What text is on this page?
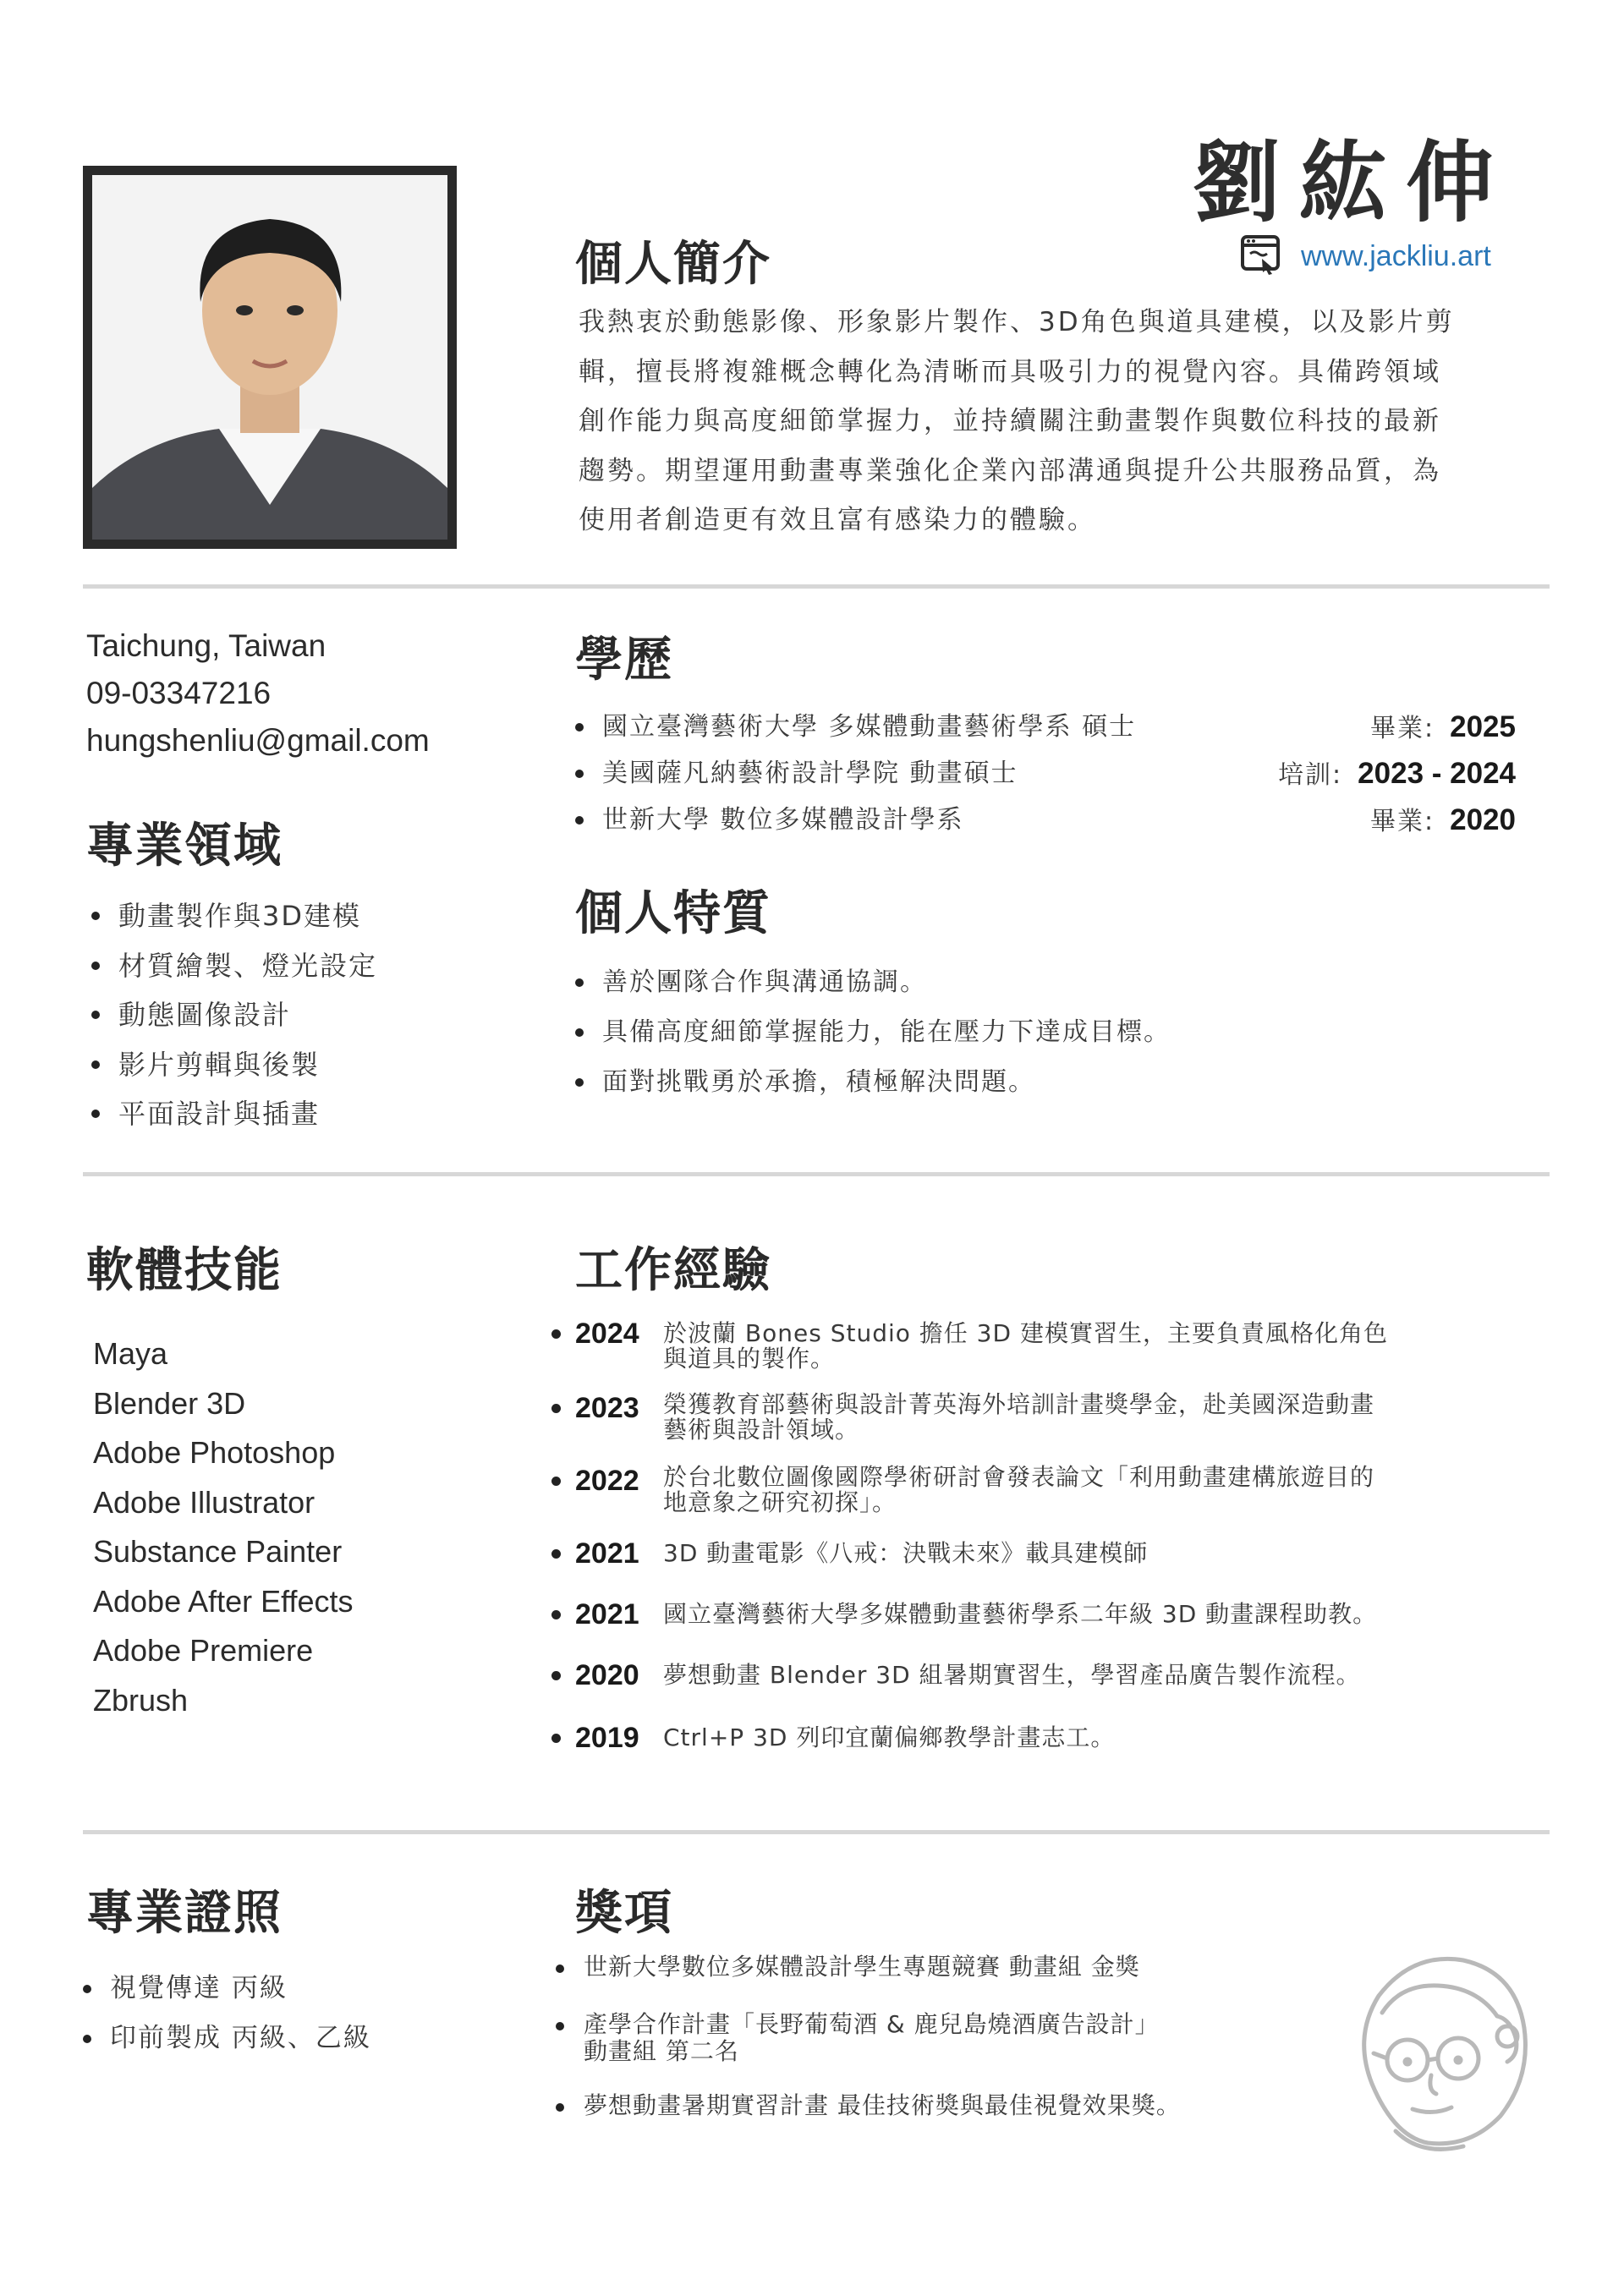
劉紘伸
www.jackliu.art
個人簡介
我熱衷於動態影像、形象影片製作、3D角色與道具建模，以及影片剪
輯，擅長將複雜概念轉化為清晰而具吸引力的視覺內容。具備跨領域
創作能力與高度細節掌握力，並持續關注動畫製作與數位科技的最新
趨勢。期望運用動畫專業強化企業內部溝通與提升公共服務品質，為
使用者創造更有效且富有感染力的體驗。
Taichung, Taiwan
09-03347216
hungshenliu@gmail.com
專業領域
動畫製作與3D建模
材質繪製、燈光設定
動態圖像設計
影片剪輯與後製
平面設計與插畫
學歷
國立臺灣藝術大學 多媒體動畫藝術學系 碩士	畢業: 2025
美國薩凡納藝術設計學院 動畫碩士	培訓: 2023 - 2024
世新大學 數位多媒體設計學系	畢業: 2020
個人特質
善於團隊合作與溝通協調。
具備高度細節掌握能力，能在壓力下達成目標。
面對挑戰勇於承擔，積極解決問題。
軟體技能
Maya
Blender 3D
Adobe Photoshop
Adobe Illustrator
Substance Painter
Adobe After Effects
Adobe Premiere
Zbrush
工作經驗
2024 於波蘭 Bones Studio 擔任 3D 建模實習生，主要負責風格化角色
與道具的製作。
2023 榮獲教育部藝術與設計菁英海外培訓計畫獎學金，赴美國深造動畫
藝術與設計領域。
2022 於台北數位圖像國際學術研討會發表論文「利用動畫建構旅遊目的
地意象之研究初探」。
2021 3D 動畫電影《八戒：決戰未來》載具建模師
2021 國立臺灣藝術大學多媒體動畫藝術學系二年級 3D 動畫課程助教。
2020 夢想動畫 Blender 3D 組暑期實習生，學習產品廣告製作流程。
2019 Ctrl+P 3D 列印宜蘭偏鄉教學計畫志工。
專業證照
視覺傳達 丙級
印前製成 丙級、乙級
獎項
世新大學數位多媒體設計學生專題競賽 動畫組 金獎
產學合作計畫「長野葡萄酒 & 鹿兒島燒酒廣告設計」
動畫組 第二名
夢想動畫暑期實習計畫 最佳技術獎與最佳視覺效果獎。
